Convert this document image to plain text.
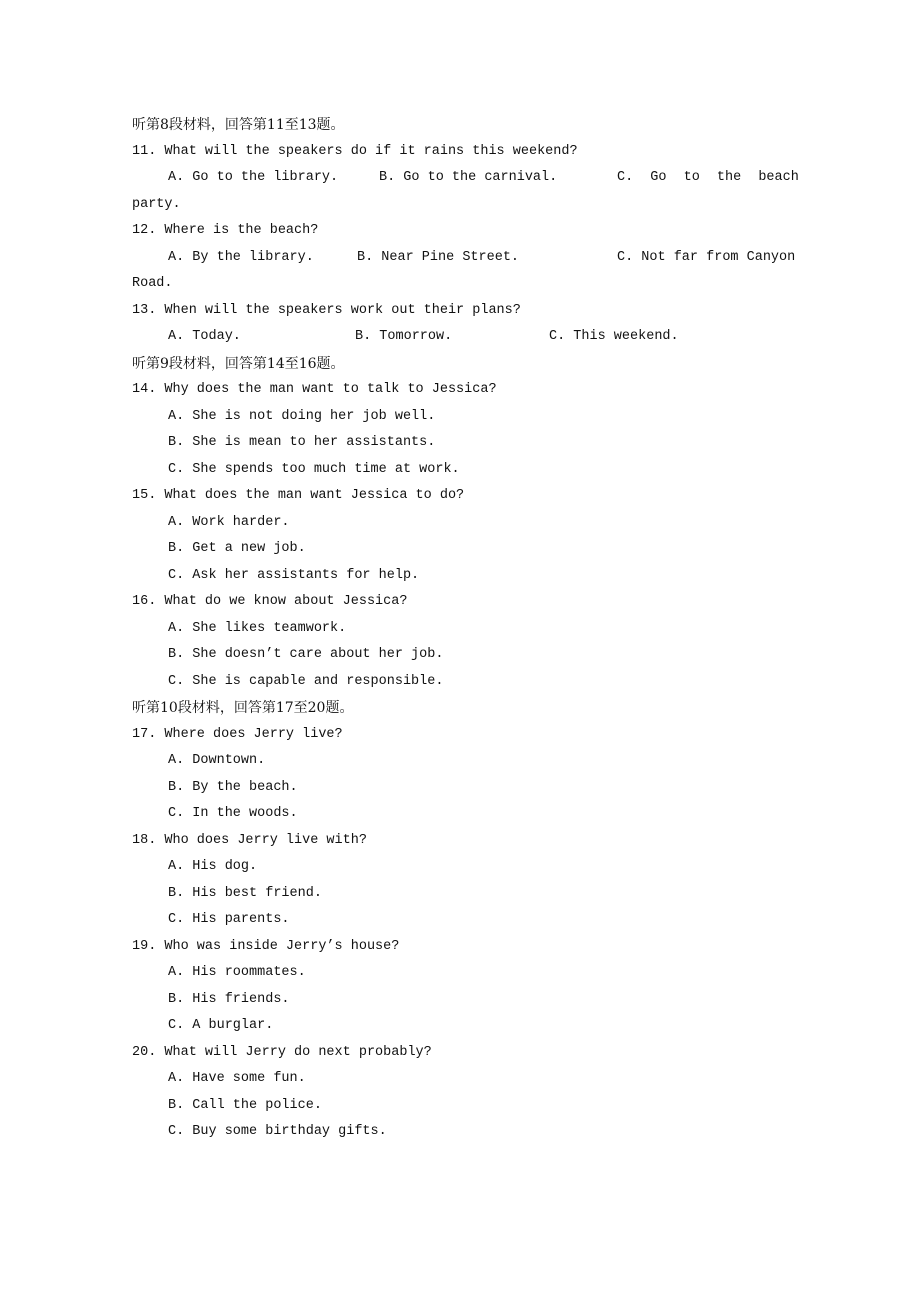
听第8段材料，回答第11至13题。
11. What will the speakers do if it rains this weekend?
A. Go to the library.	B. Go to the carnival.	C. Go to the beach
party.
12. Where is the beach?
A. By the library.	B. Near Pine Street.	C. Not far from Canyon
Road.
13. When will the speakers work out their plans?
A. Today.	B. Tomorrow.	C. This weekend.
听第9段材料，回答第14至16题。
14. Why does the man want to talk to Jessica?
A. She is not doing her job well.
B. She is mean to her assistants.
C. She spends too much time at work.
15. What does the man want Jessica to do?
A. Work harder.
B. Get a new job.
C. Ask her assistants for help.
16. What do we know about Jessica?
A. She likes teamwork.
B. She doesn’t care about her job.
C. She is capable and responsible.
听第10段材料，回答第17至20题。
17. Where does Jerry live?
A. Downtown.
B. By the beach.
C. In the woods.
18. Who does Jerry live with?
A. His dog.
B. His best friend.
C. His parents.
19. Who was inside Jerry’s house?
A. His roommates.
B. His friends.
C. A burglar.
20. What will Jerry do next probably?
A. Have some fun.
B. Call the police.
C. Buy some birthday gifts.
